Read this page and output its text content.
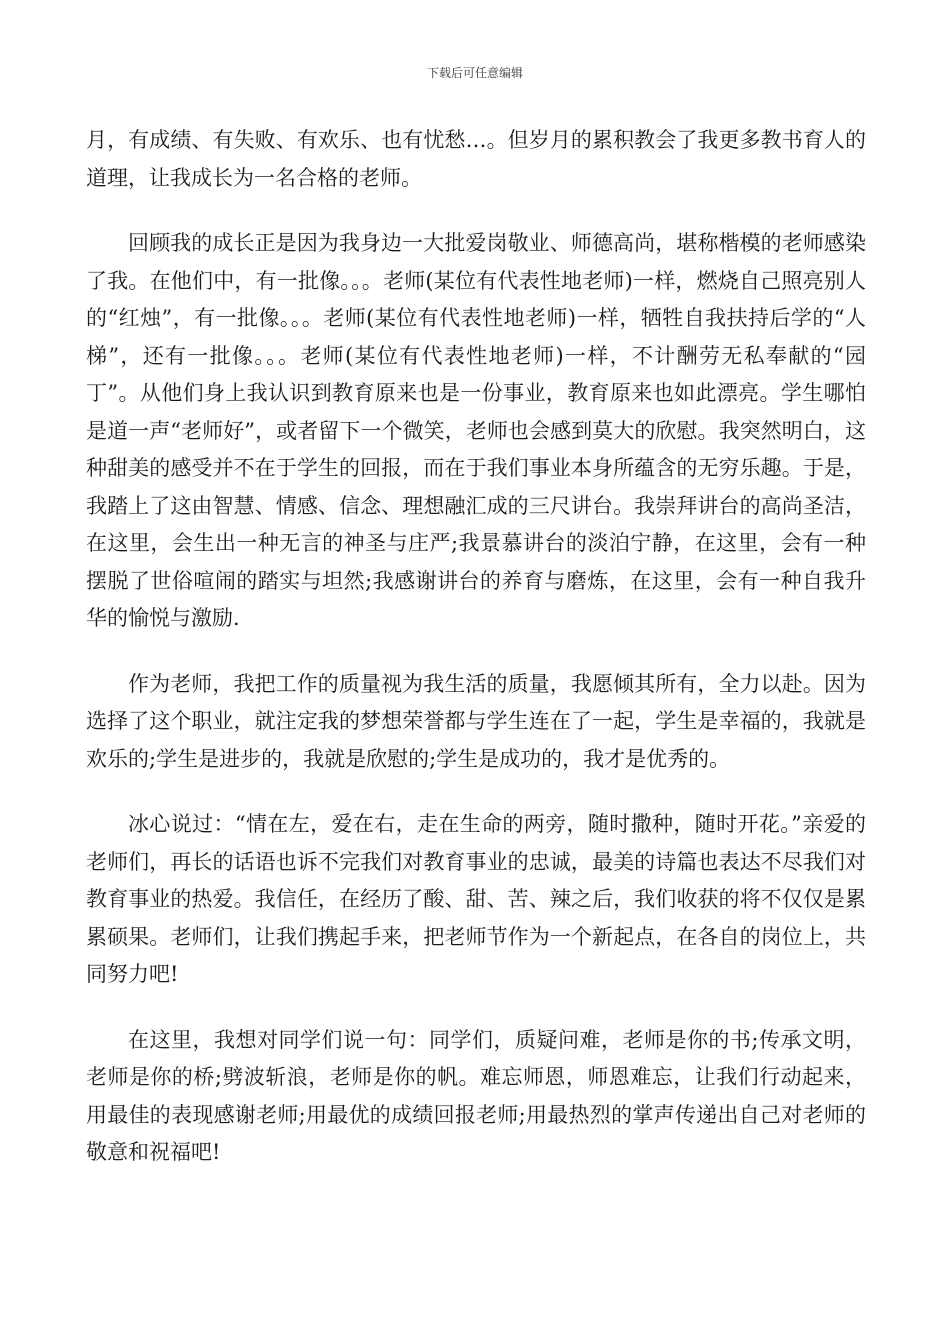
下载后可任意编辑

月，有成绩、有失败、有欢乐、也有忧愁…。但岁月的累积教会了我更多教书育人的道理，让我成长为一名合格的老师。

回顾我的成长正是因为我身边一大批爱岗敬业、师德高尚，堪称楷模的老师感染了我。在他们中，有一批像。。。老师(某位有代表性地老师)一样，燃烧自己照亮别人的“红烛”，有一批像。。。老师(某位有代表性地老师)一样，牺牲自我扶持后学的“人梯”，还有一批像。。。老师(某位有代表性地老师)一样，不计酬劳无私奉献的“园丁”。从他们身上我认识到教育原来也是一份事业，教育原来也如此漂亮。学生哪怕是道一声“老师好”，或者留下一个微笑，老师也会感到莫大的欣慰。我突然明白，这种甜美的感受并不在于学生的回报，而在于我们事业本身所蕴含的无穷乐趣。于是，我踏上了这由智慧、情感、信念、理想融汇成的三尺讲台。我崇拜讲台的高尚圣洁，在这里，会生出一种无言的神圣与庄严;我景慕讲台的淡泊宁静，在这里，会有一种摆脱了世俗喧闹的踏实与坦然;我感谢讲台的养育与磨炼，在这里，会有一种自我升华的愉悦与激励.

作为老师，我把工作的质量视为我生活的质量，我愿倾其所有，全力以赴。因为选择了这个职业，就注定我的梦想荣誉都与学生连在了一起，学生是幸福的，我就是欢乐的;学生是进步的，我就是欣慰的;学生是成功的，我才是优秀的。

冰心说过：“情在左，爱在右，走在生命的两旁，随时撒种，随时开花。”亲爱的老师们，再长的话语也诉不完我们对教育事业的忠诚，最美的诗篇也表达不尽我们对教育事业的热爱。我信任，在经历了酸、甜、苦、辣之后，我们收获的将不仅仅是累累硕果。老师们，让我们携起手来，把老师节作为一个新起点，在各自的岗位上，共同努力吧!

在这里，我想对同学们说一句：同学们，质疑问难，老师是你的书;传承文明，老师是你的桥;劈波斩浪，老师是你的帆。难忘师恩，师恩难忘，让我们行动起来，用最佳的表现感谢老师;用最优的成绩回报老师;用最热烈的掌声传递出自己对老师的敬意和祝福吧!
